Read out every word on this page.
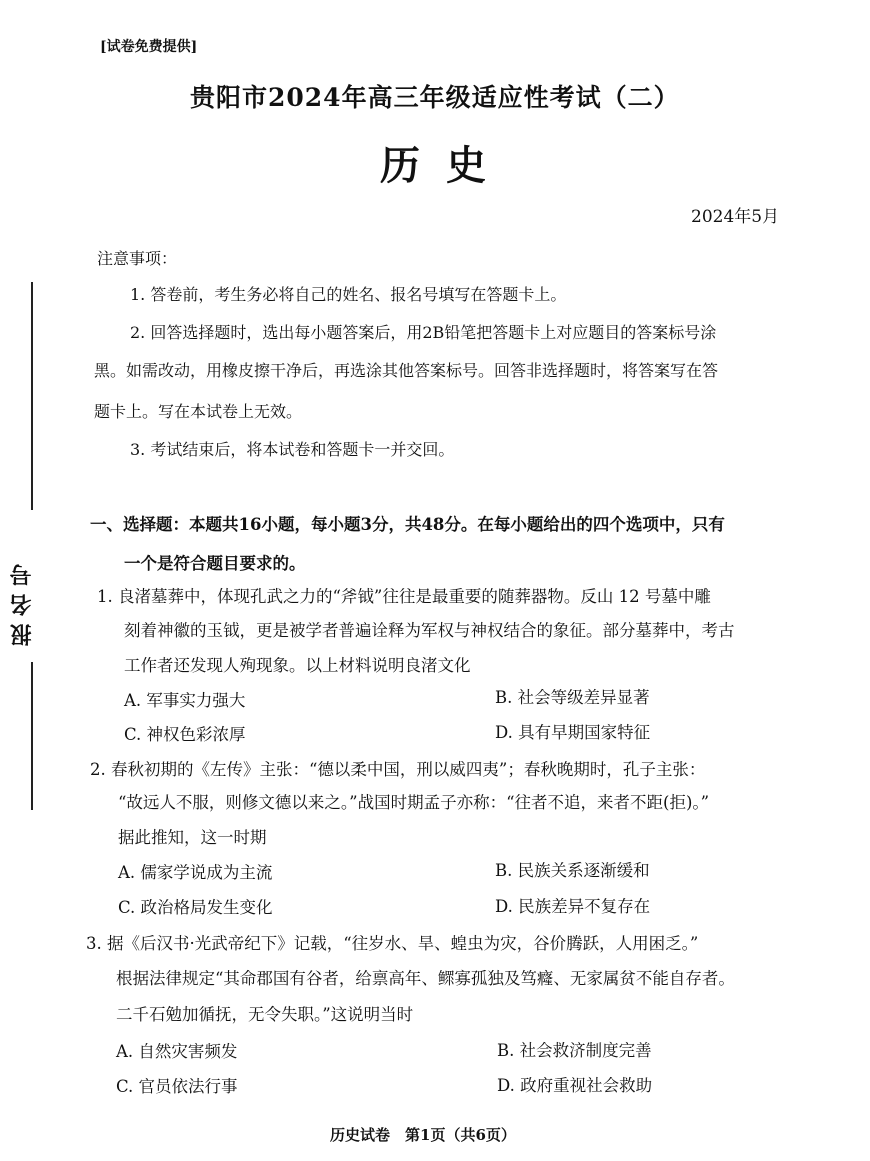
报名号
[试卷免费提供]
贵阳市2024年高三年级适应性考试（二）
历史
2024年5月
注意事项：
1. 答卷前，考生务必将自己的姓名、报名号填写在答题卡上。
2. 回答选择题时，选出每小题答案后，用2B铅笔把答题卡上对应题目的答案标号涂
黑。如需改动，用橡皮擦干净后，再选涂其他答案标号。回答非选择题时，将答案写在答
题卡上。写在本试卷上无效。
3. 考试结束后，将本试卷和答题卡一并交回。
一、选择题：本题共16小题，每小题3分，共48分。在每小题给出的四个选项中，只有
一个是符合题目要求的。
1. 良渚墓葬中，体现孔武之力的“斧钺”往往是最重要的随葬器物。反山 12 号墓中雕
刻着神徽的玉钺，更是被学者普遍诠释为军权与神权结合的象征。部分墓葬中，考古
工作者还发现人殉现象。以上材料说明良渚文化
A. 军事实力强大	B. 社会等级差异显著
C. 神权色彩浓厚	D. 具有早期国家特征
2. 春秋初期的《左传》主张：“德以柔中国，刑以威四夷”；春秋晚期时，孔子主张：
“故远人不服，则修文德以来之。”战国时期孟子亦称：“往者不追，来者不距(拒)。”
据此推知，这一时期
A. 儒家学说成为主流	B. 民族关系逐渐缓和
C. 政治格局发生变化	D. 民族差异不复存在
3. 据《后汉书·光武帝纪下》记载，“往岁水、旱、蝗虫为灾，谷价腾跃，人用困乏。”
根据法律规定“其命郡国有谷者，给禀高年、鳏寡孤独及笃癃、无家属贫不能自存者。
二千石勉加循抚，无令失职。”这说明当时
A. 自然灾害频发	B. 社会救济制度完善
C. 官员依法行事	D. 政府重视社会救助
历史试卷　第1页（共6页）
